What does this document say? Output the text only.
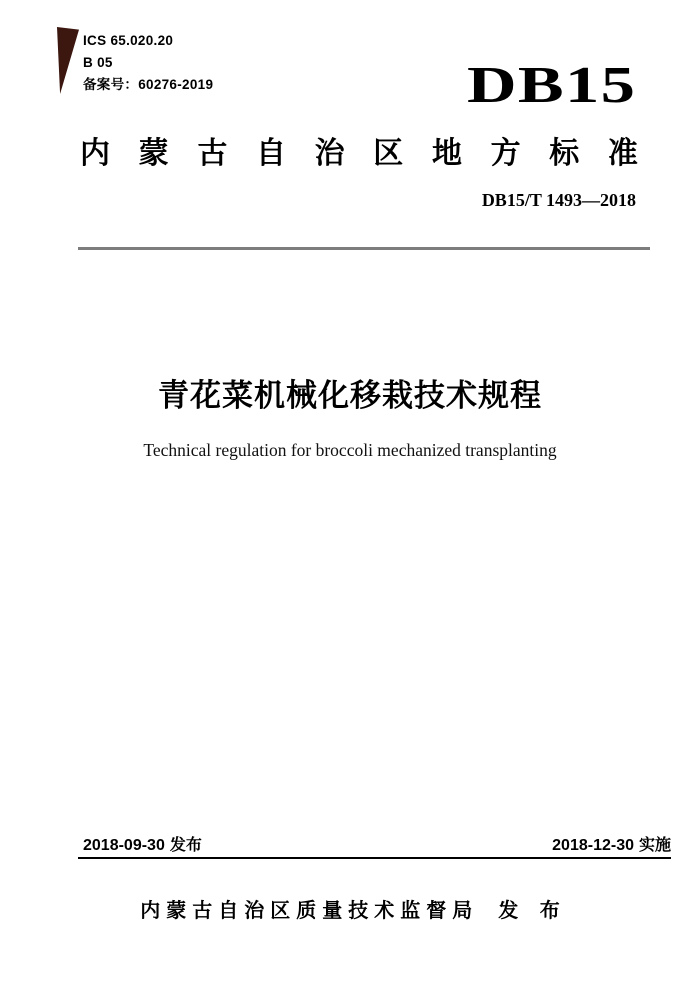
ICS 65.020.20
B 05
备案号：60276-2019	DB15
内 蒙 古 自 治 区 地 方 标 准
DB15/T 1493—2018
青花菜机械化移栽技术规程
Technical regulation for broccoli mechanized transplanting
2018-09-30 发布	2018-12-30 实施
内蒙古自治区质量技术监督局 发 布
